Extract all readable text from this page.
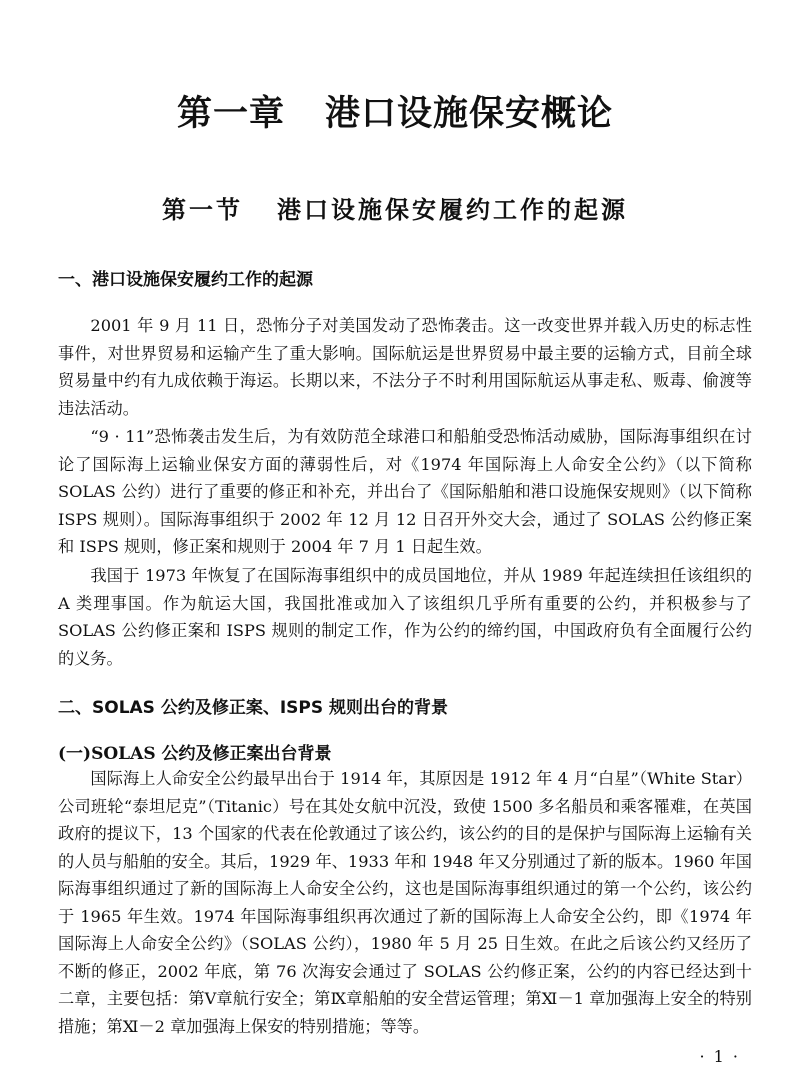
第一章 港口设施保安概论
第一节 港口设施保安履约工作的起源
一、港口设施保安履约工作的起源

2001 年 9 月 11 日，恐怖分子对美国发动了恐怖袭击。这一改变世界并载入历史的标志性事件，对世界贸易和运输产生了重大影响。国际航运是世界贸易中最主要的运输方式，目前全球贸易量中约有九成依赖于海运。长期以来，不法分子不时利用国际航运从事走私、贩毒、偷渡等违法活动。

“9 · 11”恐怖袭击发生后，为有效防范全球港口和船舶受恐怖活动威胁，国际海事组织在讨论了国际海上运输业保安方面的薄弱性后，对《1974 年国际海上人命安全公约》（以下简称 SOLAS 公约）进行了重要的修正和补充，并出台了《国际船舶和港口设施保安规则》（以下简称 ISPS 规则）。国际海事组织于 2002 年 12 月 12 日召开外交大会，通过了 SOLAS 公约修正案和 ISPS 规则，修正案和规则于 2004 年 7 月 1 日起生效。

我国于 1973 年恢复了在国际海事组织中的成员国地位，并从 1989 年起连续担任该组织的 A 类理事国。作为航运大国，我国批准或加入了该组织几乎所有重要的公约，并积极参与了 SOLAS 公约修正案和 ISPS 规则的制定工作，作为公约的缔约国，中国政府负有全面履行公约的义务。

二、SOLAS 公约及修正案、ISPS 规则出台的背景
(一)SOLAS 公约及修正案出台背景

国际海上人命安全公约最早出台于 1914 年，其原因是 1912 年 4 月“白星”（White Star）公司班轮“泰坦尼克”（Titanic）号在其处女航中沉没，致使 1500 多名船员和乘客罹难，在英国政府的提议下，13 个国家的代表在伦敦通过了该公约，该公约的目的是保护与国际海上运输有关的人员与船舶的安全。其后，1929 年、1933 年和 1948 年又分别通过了新的版本。1960 年国际海事组织通过了新的国际海上人命安全公约，这也是国际海事组织通过的第一个公约，该公约于 1965 年生效。1974 年国际海事组织再次通过了新的国际海上人命安全公约，即《1974 年国际海上人命安全公约》（SOLAS 公约），1980 年 5 月 25 日生效。在此之后该公约又经历了不断的修正，2002 年底，第 76 次海安会通过了 SOLAS 公约修正案，公约的内容已经达到十二章，主要包括：第Ⅴ章航行安全；第Ⅸ章船舶的安全营运管理；第Ⅺ－1 章加强海上安全的特别措施；第Ⅺ－2 章加强海上保安的特别措施；等等。

· 1 ·
